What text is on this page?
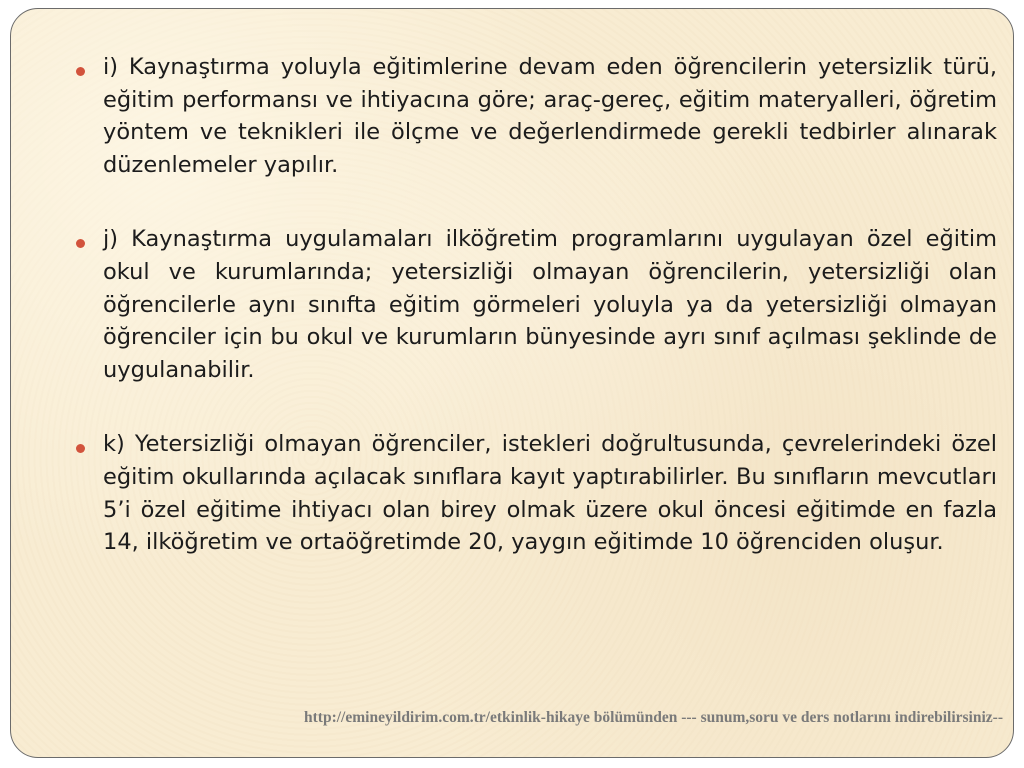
i) Kaynaştırma yoluyla eğitimlerine devam eden öğrencilerin yetersizlik türü, eğitim performansı ve ihtiyacına göre; araç-gereç, eğitim materyalleri, öğretim yöntem ve teknikleri ile ölçme ve değerlendirmede gerekli tedbirler alınarak düzenlemeler yapılır.
j) Kaynaştırma uygulamaları ilköğretim programlarını uygulayan özel eğitim okul ve kurumlarında; yetersizliği olmayan öğrencilerin, yetersizliği olan öğrencilerle aynı sınıfta eğitim görmeleri yoluyla ya da yetersizliği olmayan öğrenciler için bu okul ve kurumların bünyesinde ayrı sınıf açılması şeklinde de uygulanabilir.
k) Yetersizliği olmayan öğrenciler, istekleri doğrultusunda, çevrelerindeki özel eğitim okullarında açılacak sınıflara kayıt yaptırabilirler. Bu sınıfların mevcutları 5’i özel eğitime ihtiyacı olan birey olmak üzere okul öncesi eğitimde en fazla 14, ilköğretim ve ortaöğretimde 20, yaygın eğitimde 10 öğrenciden oluşur.
http://emineyildirim.com.tr/etkinlik-hikaye bölümünden --- sunum,soru ve ders notlarını indirebilirsiniz--
